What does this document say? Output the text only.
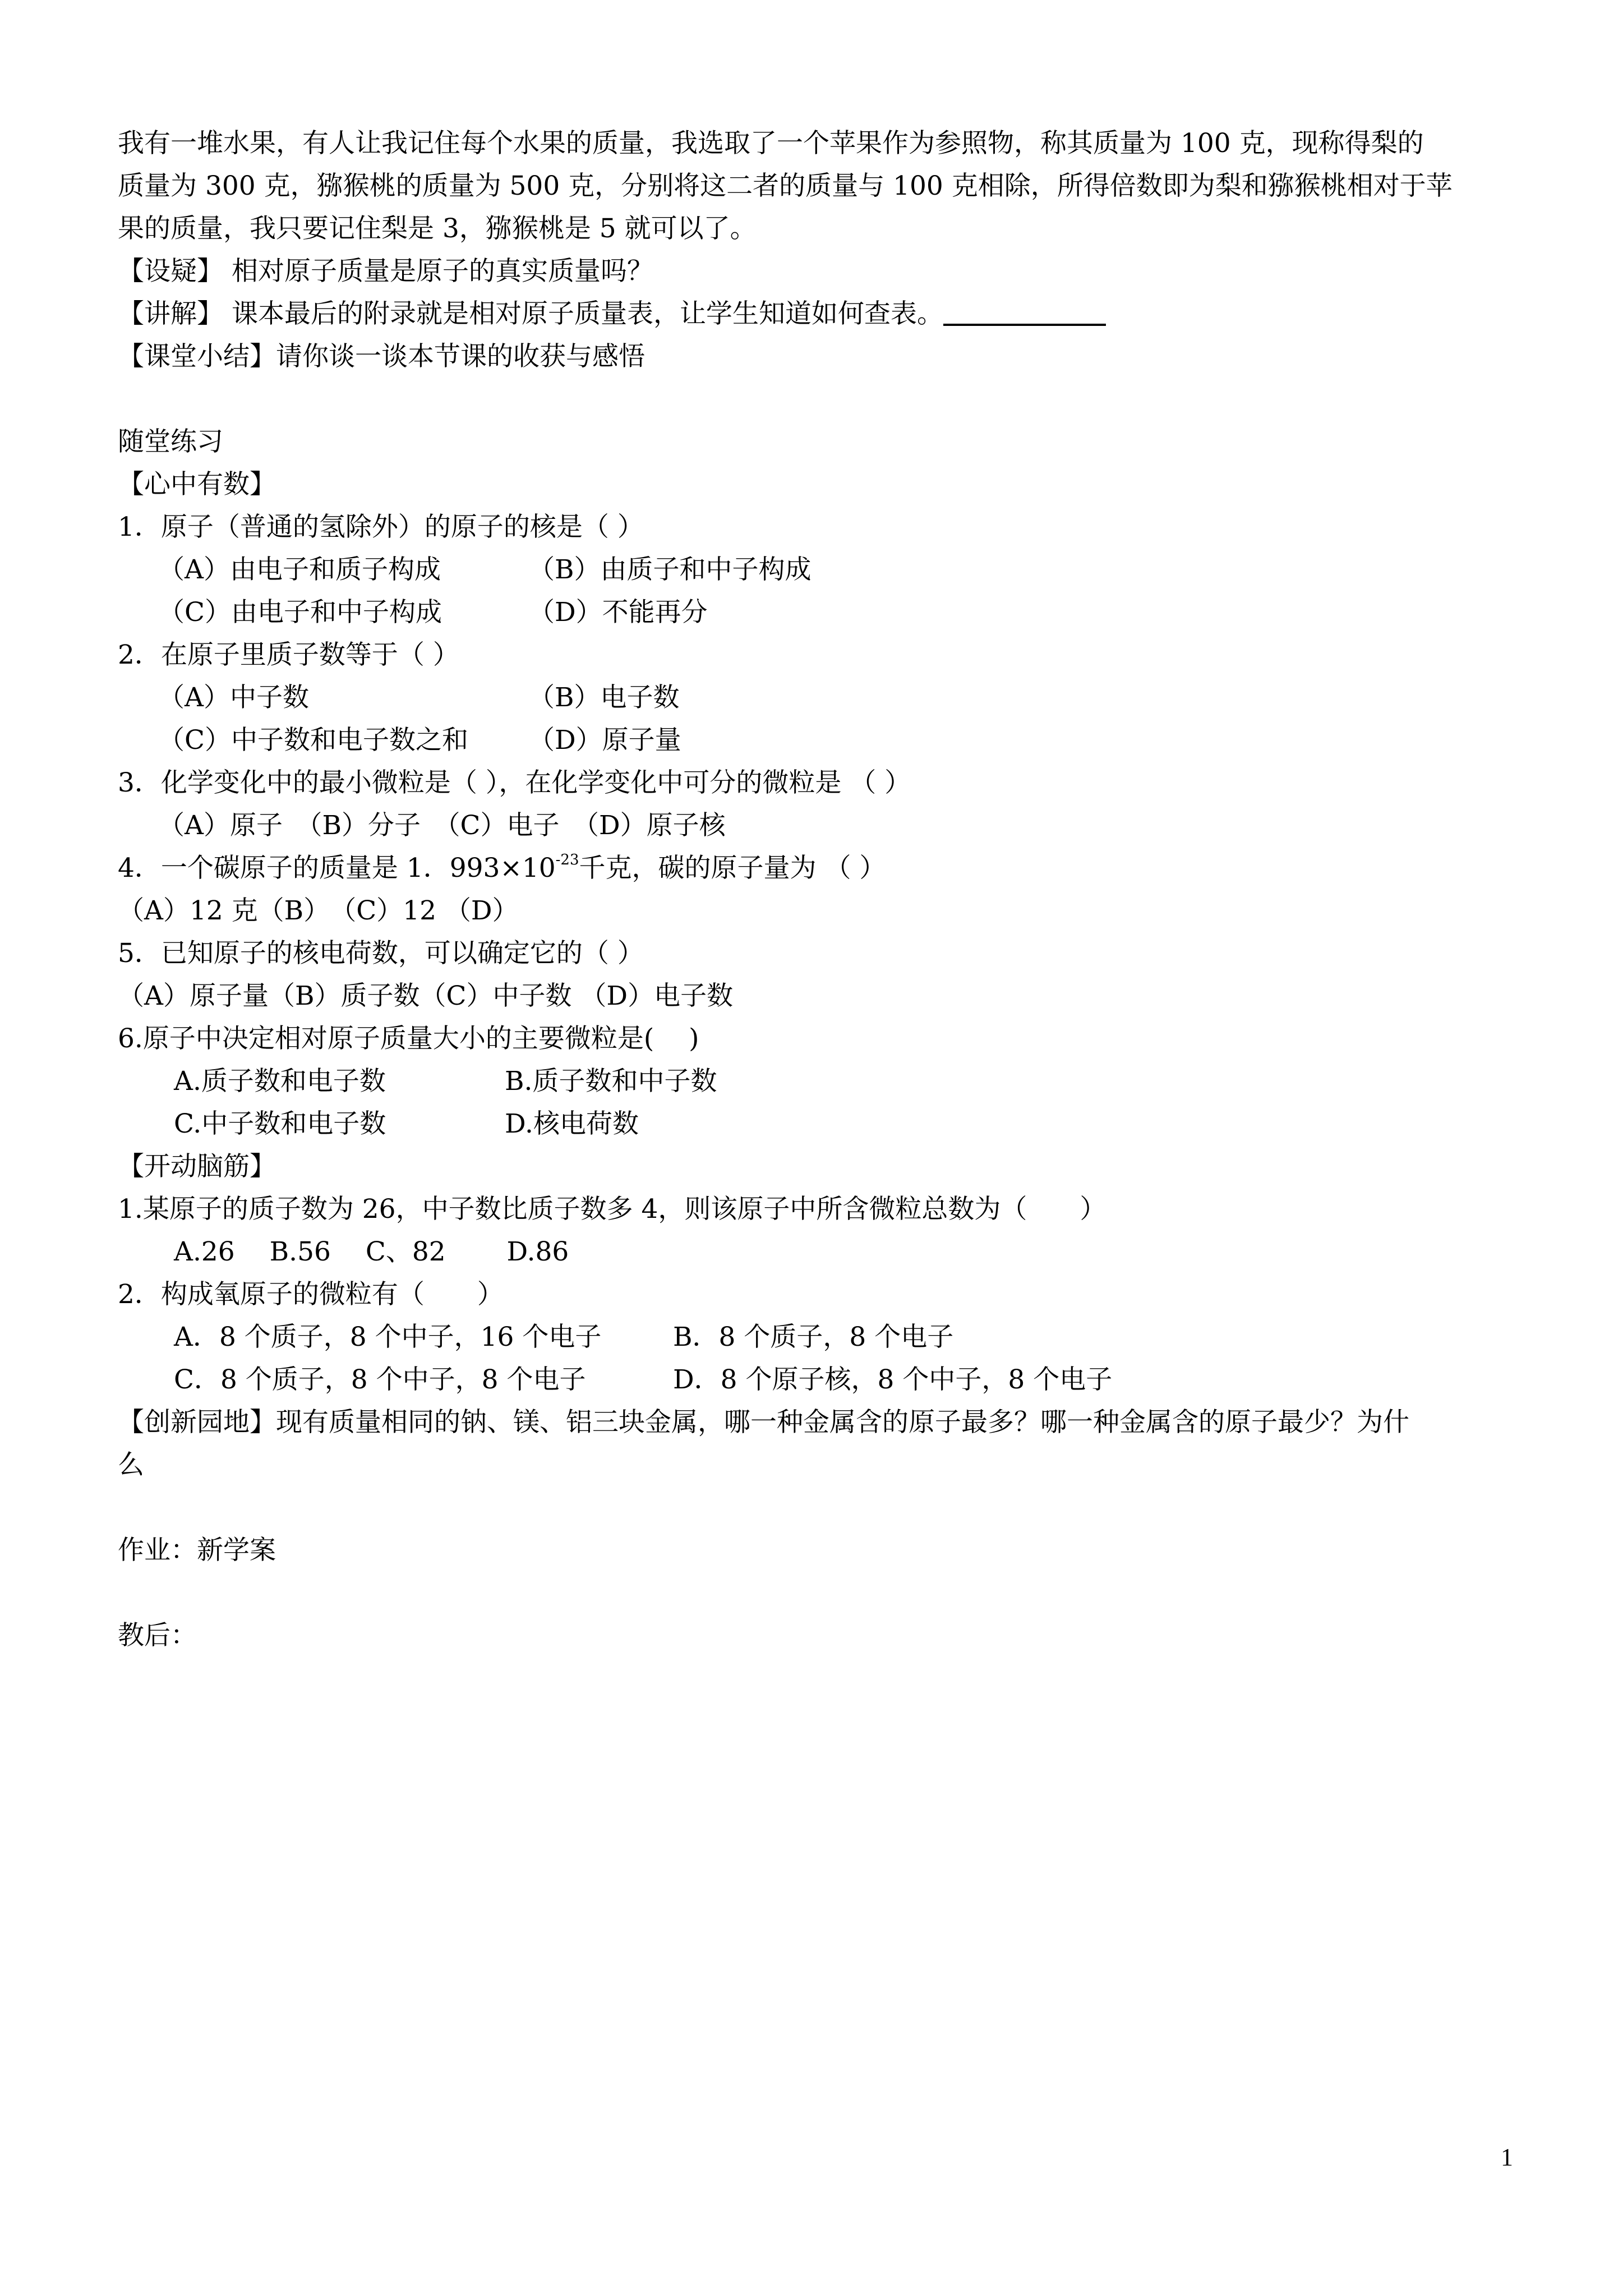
我有一堆水果，有人让我记住每个水果的质量，我选取了一个苹果作为参照物，称其质量为 100 克，现称得梨的
质量为 300 克，猕猴桃的质量为 500 克，分别将这二者的质量与 100 克相除，所得倍数即为梨和猕猴桃相对于苹
果的质量，我只要记住梨是 3，猕猴桃是 5 就可以了。
【设疑】 相对原子质量是原子的真实质量吗？
【讲解】 课本最后的附录就是相对原子质量表，让学生知道如何查表。
【课堂小结】请你谈一谈本节课的收获与感悟
随堂练习
【心中有数】
1．原子（普通的氢除外）的原子的核是（ ）
（A）由电子和质子构成	（B）由质子和中子构成
（C）由电子和中子构成	（D）不能再分
2．在原子里质子数等于（ ）
（A）中子数	（B）电子数
（C）中子数和电子数之和 （D）原子量
3．化学变化中的最小微粒是（ ），在化学变化中可分的微粒是 （ ）
（A）原子　（B）分子　（C）电子　（D）原子核
4．一个碳原子的质量是 1．$993\times 10^{-23}$千克，碳的原子量为 （ ）
（A）12 克（B）　（C）12 （D）
5．已知原子的核电荷数，可以确定它的（ ）
（A）原子量（B）质子数（C）中子数 （D）电子数
6.原子中决定相对原子质量大小的主要微粒是(　 )
A.质子数和电子数	B.质子数和中子数
C.中子数和电子数	D.核电荷数
【开动脑筋】
1.某原子的质子数为 26，中子数比质子数多 4，则该原子中所含微粒总数为（　　）
A.26　 B.56　 C、82　　 D.86
2．构成氧原子的微粒有（　　）
A．8 个质子，8 个中子，16 个电子	B．8 个质子，8 个电子
C．8 个质子，8 个中子，8 个电子	D．8 个原子核，8 个中子，8 个电子
【创新园地】现有质量相同的钠、镁、铝三块金属，哪一种金属含的原子最多？哪一种金属含的原子最少？为什
么
作业：新学案
教后：
1
